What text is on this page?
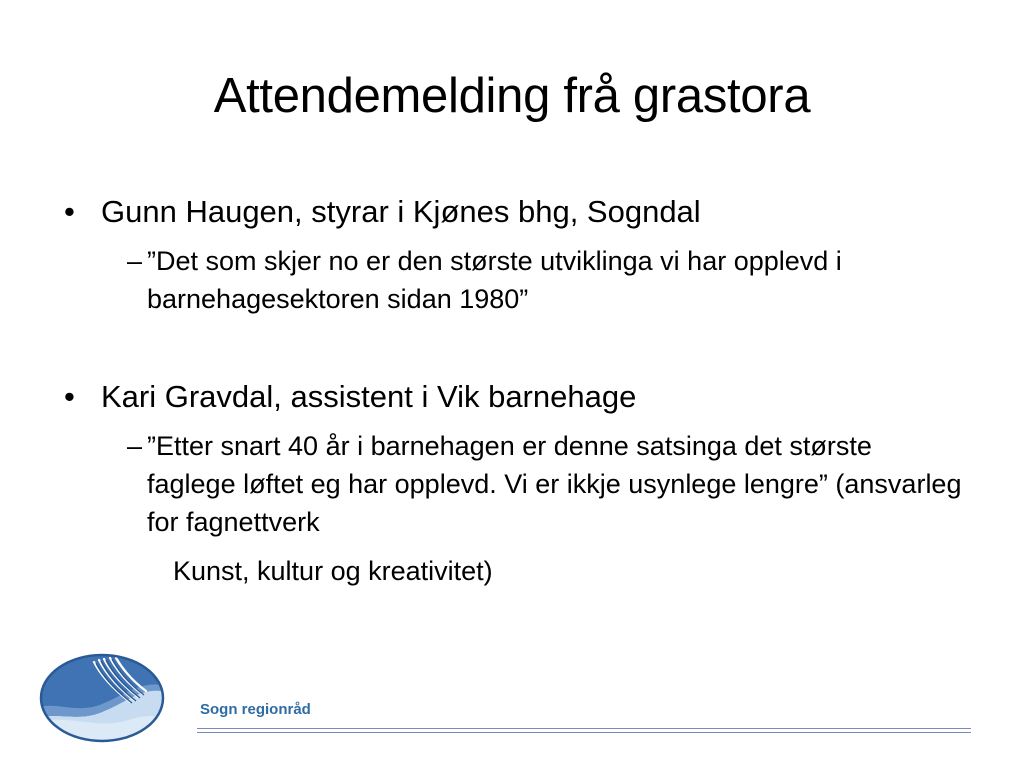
Attendemelding frå grastora
• Gunn Haugen, styrar i Kjønes bhg, Sogndal
– ”Det som skjer no er den største utviklinga vi har opplevd i barnehagesektoren sidan 1980”
• Kari Gravdal, assistent i Vik barnehage
– ”Etter snart 40 år i barnehagen er denne satsinga det største faglege løftet eg har opplevd. Vi er ikkje usynlege lengre” (ansvarleg for fagnettverk
Kunst, kultur og kreativitet)
Sogn regionråd
